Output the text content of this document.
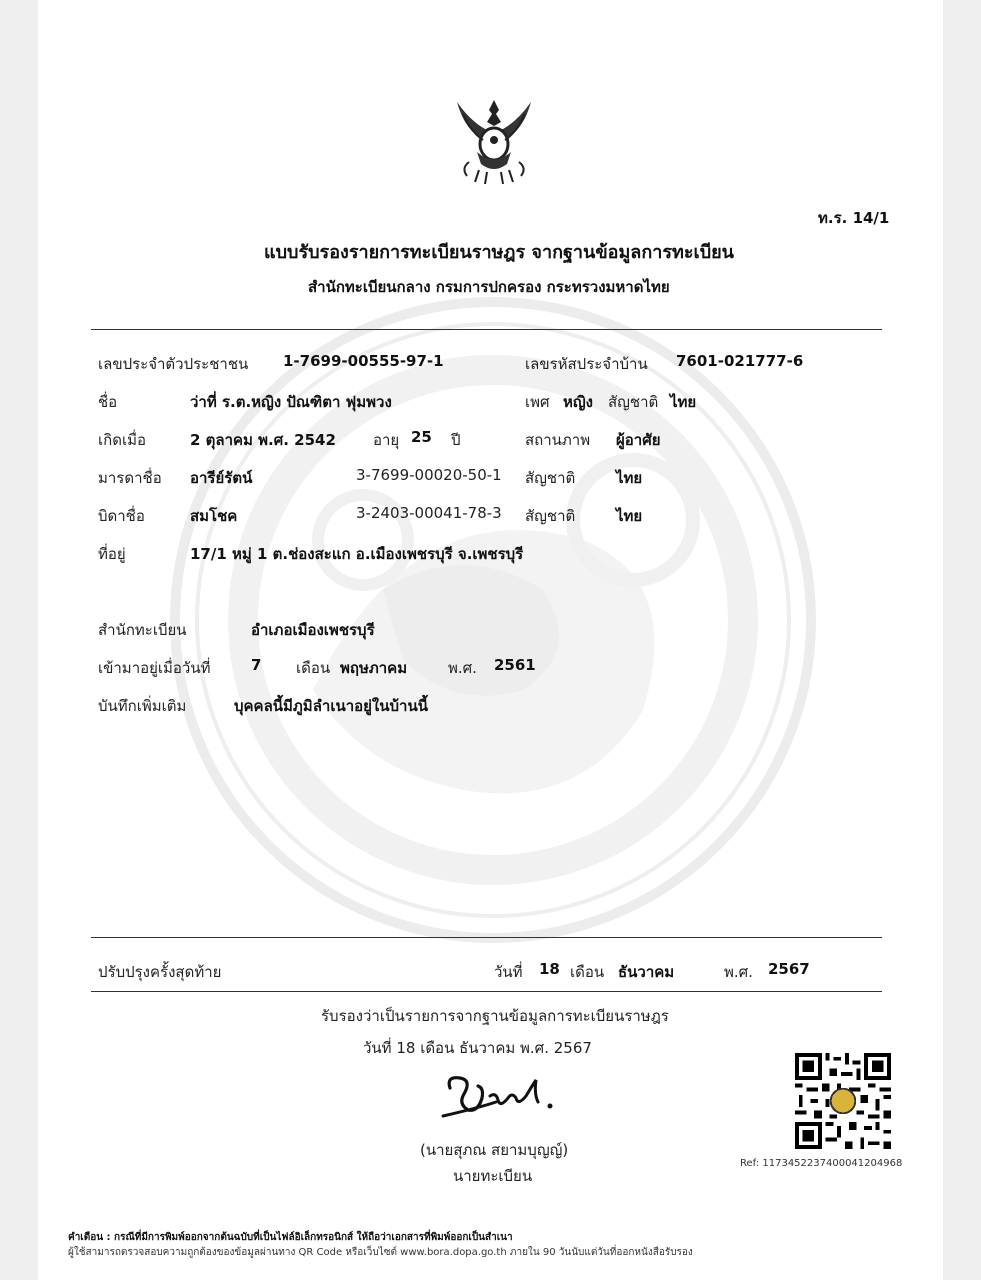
ท.ร. 14/1
แบบรับรองรายการทะเบียนราษฎร จากฐานข้อมูลการทะเบียน
สำนักทะเบียนกลาง กรมการปกครอง กระทรวงมหาดไทย
เลขประจำตัวประชาชน 1-7699-00555-97-1	เลขรหัสประจำบ้าน 7601-021777-6
ชื่อ	ว่าที่ ร.ต.หญิง ปัณฑิตา ฟุมพวง	เพศ หญิง สัญชาติ ไทย
เกิดเมื่อ	2 ตุลาคม พ.ศ. 2542 อายุ 25 ปี	สถานภาพ ผู้อาศัย
มารดาชื่อ อารีย์รัตน์	3-7699-00020-50-1 สัญชาติ	ไทย
บิดาชื่อ	สมโชค	3-2403-00041-78-3 สัญชาติ	ไทย
ที่อยู่	17/1 หมู่ 1 ต.ช่องสะแก อ.เมืองเพชรบุรี จ.เพชรบุรี
สำนักทะเบียน	อำเภอเมืองเพชรบุรี
เข้ามาอยู่เมื่อวันที่	7 เดือน พฤษภาคม	พ.ศ. 2561
บันทึกเพิ่มเติม	บุคคลนี้มีภูมิลำเนาอยู่ในบ้านนี้
ปรับปรุงครั้งสุดท้าย	วันที่ 18 เดือน ธันวาคม	พ.ศ. 2567
รับรองว่าเป็นรายการจากฐานข้อมูลการทะเบียนราษฎร
วันที่ 18 เดือน ธันวาคม พ.ศ. 2567
(นายสุภณ สยามบุญญ์)
นายทะเบียน
Ref: 1173452237400041204968
คำเตือน : กรณีที่มีการพิมพ์ออกจากต้นฉบับที่เป็นไฟล์อิเล็กทรอนิกส์ ให้ถือว่าเอกสารที่พิมพ์ออกเป็นสำเนา
ผู้ใช้สามารถตรวจสอบความถูกต้องของข้อมูลผ่านทาง QR Code หรือเว็บไซต์ www.bora.dopa.go.th ภายใน 90 วันนับแต่วันที่ออกหนังสือรับรอง
